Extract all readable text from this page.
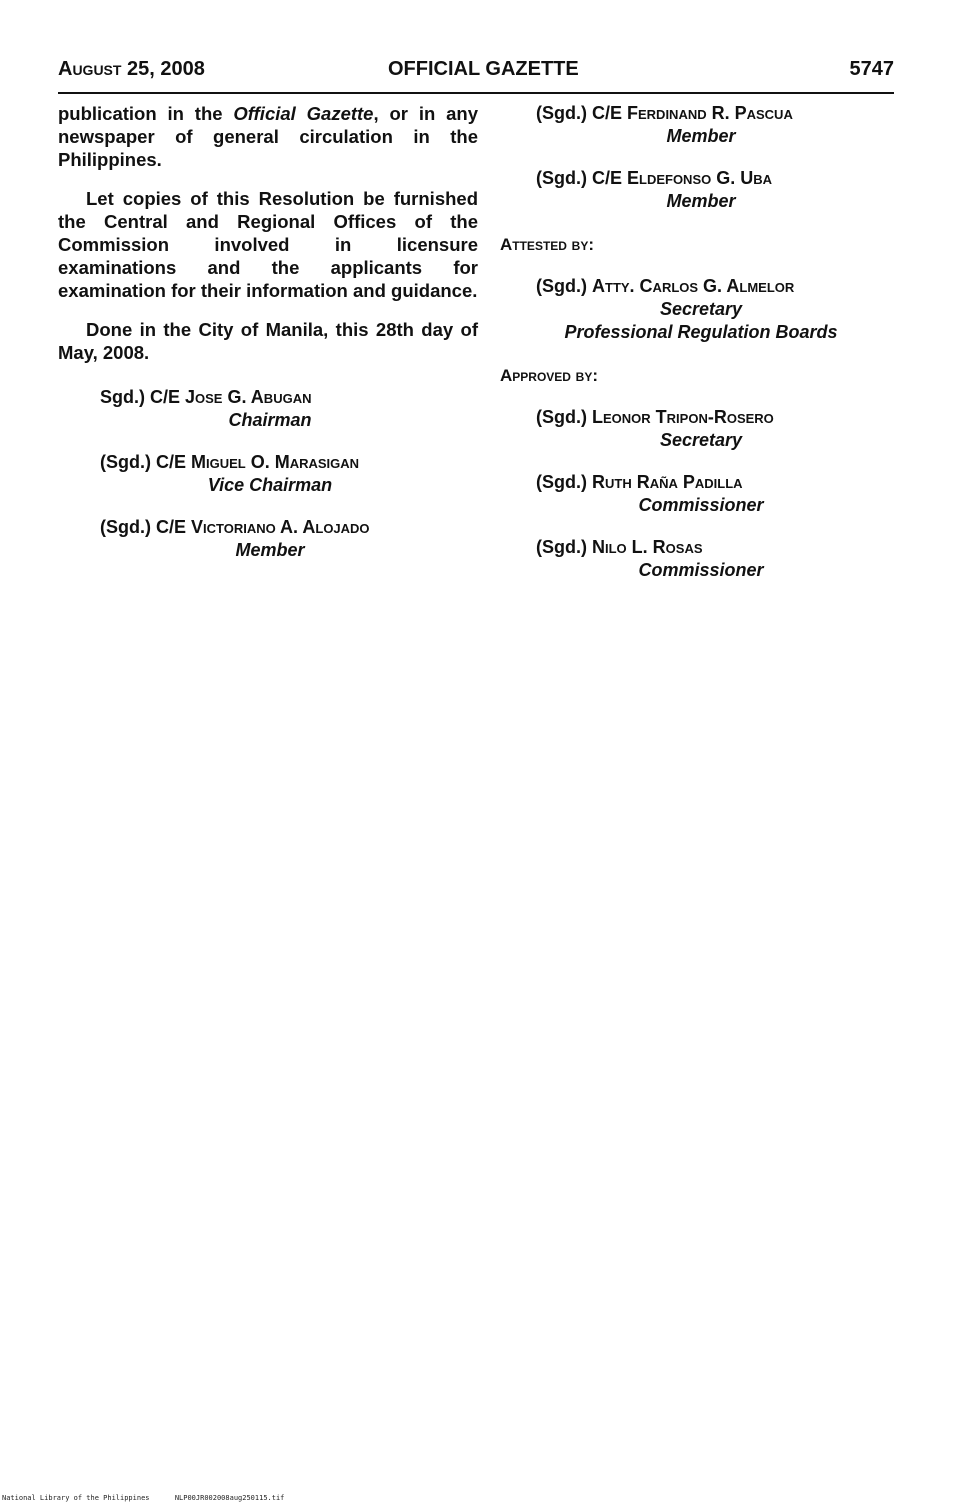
August 25, 2008	OFFICIAL GAZETTE	5747

publication in the Official Gazette, or in any newspaper of general circulation in the Philippines.

Let copies of this Resolution be furnished the Central and Regional Offices of the Commission involved in licensure examinations and the applicants for examination for their information and guidance.

Done in the City of Manila, this 28th day of May, 2008.

Sgd.) C/E Jose G. Abugan
Chairman
(Sgd.) C/E Miguel O. Marasigan
Vice Chairman
(Sgd.) C/E Victoriano A. Alojado
Member
(Sgd.) C/E Ferdinand R. Pascua
Member
(Sgd.) C/E Eldefonso G. Uba
Member
Attested by:
(Sgd.) Atty. Carlos G. Almelor
Secretary
Professional Regulation Boards
Approved by:
(Sgd.) Leonor Tripon-Rosero
Secretary
(Sgd.) Ruth Raña Padilla
Commissioner
(Sgd.) Nilo L. Rosas
Commissioner
National Library of the Philippines	NLP00JR002008aug250115.tif
